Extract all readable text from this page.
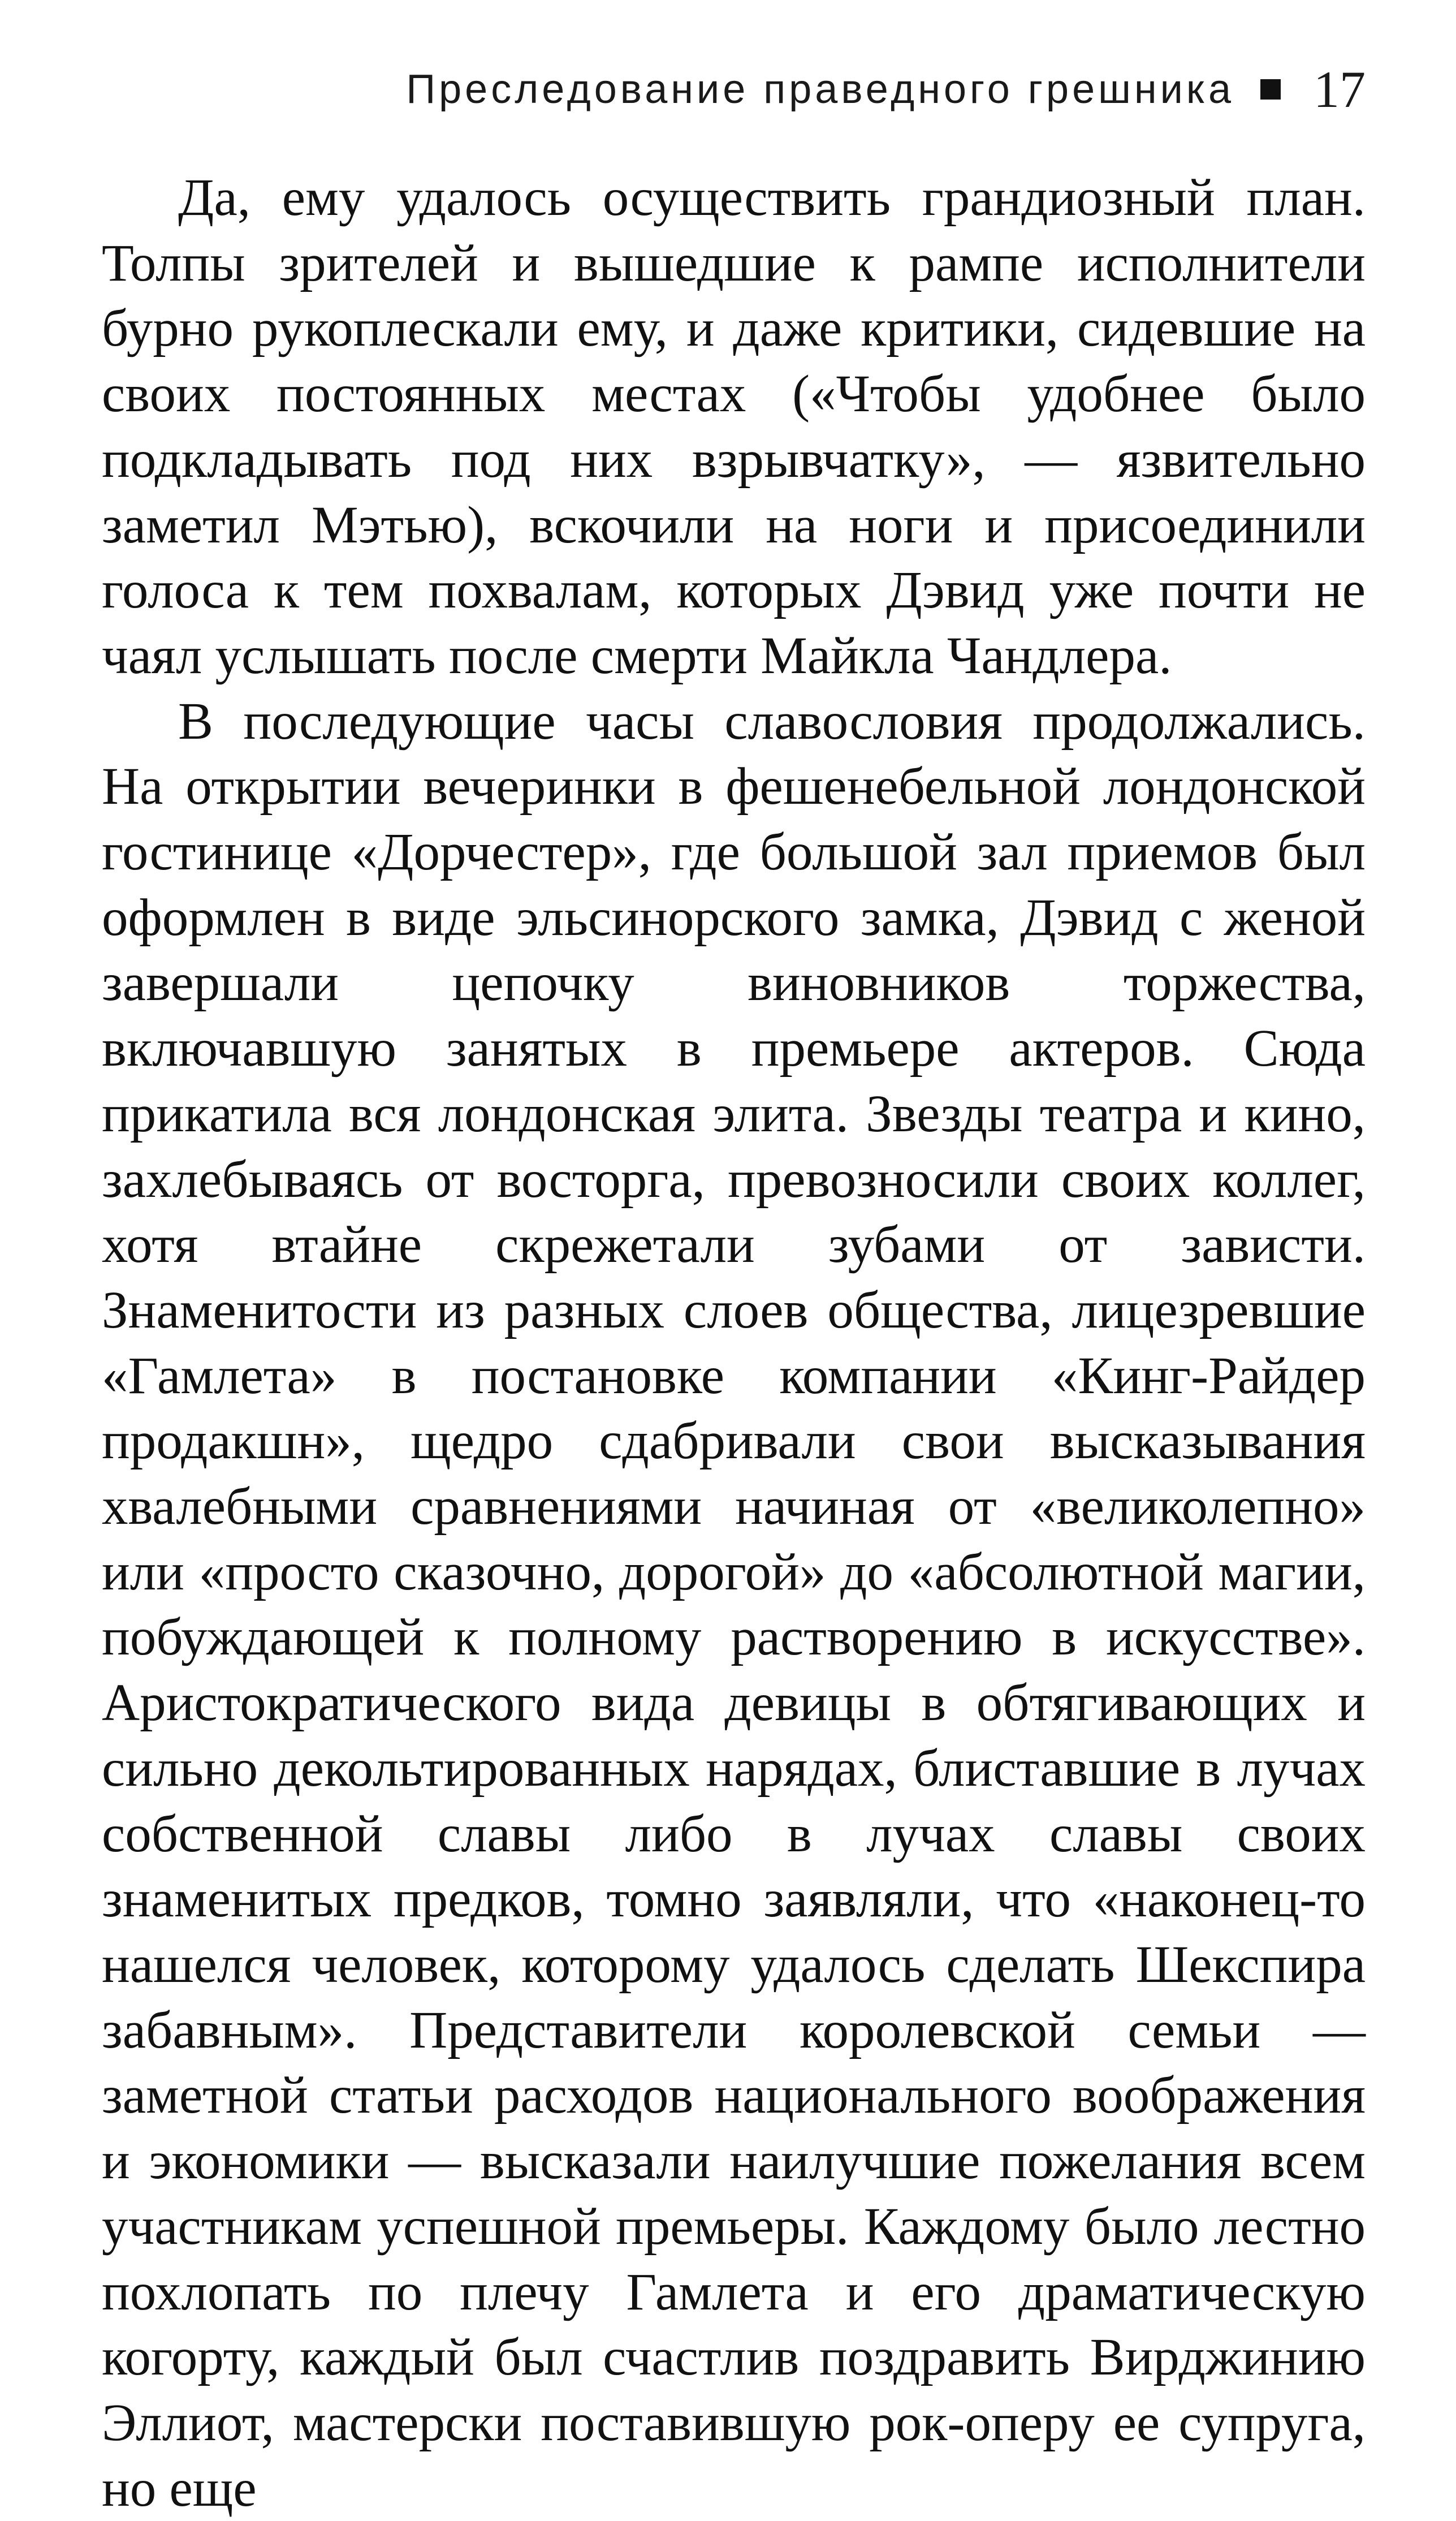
Преследование праведного грешника 17

Да, ему удалось осуществить грандиозный план. Толпы зрителей и вышедшие к рампе исполнители бурно рукоплескали ему, и даже критики, сидевшие на своих постоянных местах («Чтобы удобнее было подкладывать под них взрывчатку», — язвительно заметил Мэтью), вскочили на ноги и присоединили голоса к тем похвалам, которых Дэвид уже почти не чаял услышать после смерти Майкла Чандлера.

В последующие часы славословия продолжались. На открытии вечеринки в фешенебельной лондонской гостинице «Дорчестер», где большой зал приемов был оформлен в виде эльсинорского замка, Дэвид с женой завершали цепочку виновников торжества, включавшую занятых в премьере актеров. Сюда прикатила вся лондонская элита. Звезды театра и кино, захлебываясь от восторга, превозносили своих коллег, хотя втайне скрежетали зубами от зависти. Знаменитости из разных слоев общества, лицезревшие «Гамлета» в постановке компании «Кинг-Райдер продакшн», щедро сдабривали свои высказывания хвалебными сравнениями начиная от «великолепно» или «просто сказочно, дорогой» до «абсолютной магии, побуждающей к полному растворению в искусстве». Аристократического вида девицы в обтягивающих и сильно декольтированных нарядах, блиставшие в лучах собственной славы либо в лучах славы своих знаменитых предков, томно заявляли, что «наконец-то нашелся человек, которому удалось сделать Шекспира забавным». Представители королевской семьи — заметной статьи расходов национального воображения и экономики — высказали наилучшие пожелания всем участникам успешной премьеры. Каждому было лестно похлопать по плечу Гамлета и его драматическую когорту, каждый был счастлив поздравить Вирджинию Эллиот, мастерски поставившую рок-оперу ее супруга, но еще
